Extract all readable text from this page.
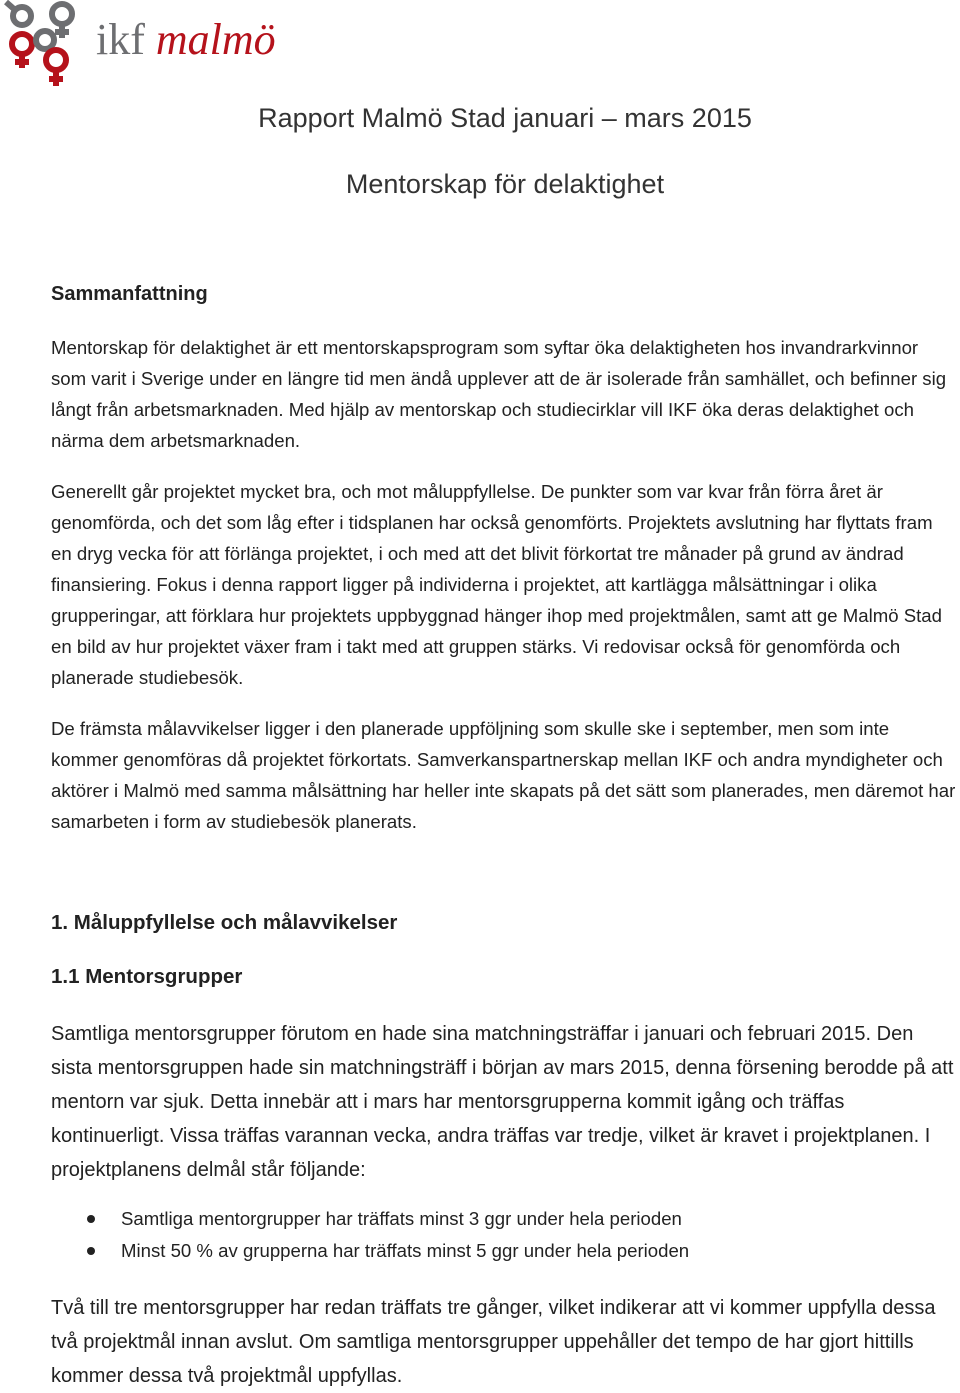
ikf malmö
Rapport Malmö Stad januari – mars 2015
Mentorskap för delaktighet
Sammanfattning

Mentorskap för delaktighet är ett mentorskapsprogram som syftar öka delaktigheten hos invandrarkvinnor som varit i Sverige under en längre tid men ändå upplever att de är isolerade från samhället, och befinner sig långt från arbetsmarknaden. Med hjälp av mentorskap och studiecirklar vill IKF öka deras delaktighet och närma dem arbetsmarknaden.

Generellt går projektet mycket bra, och mot måluppfyllelse. De punkter som var kvar från förra året är genomförda, och det som låg efter i tidsplanen har också genomförts. Projektets avslutning har flyttats fram en dryg vecka för att förlänga projektet, i och med att det blivit förkortat tre månader på grund av ändrad finansiering. Fokus i denna rapport ligger på individerna i projektet, att kartlägga målsättningar i olika grupperingar, att förklara hur projektets uppbyggnad hänger ihop med projektmålen, samt att ge Malmö Stad en bild av hur projektet växer fram i takt med att gruppen stärks. Vi redovisar också för genomförda och planerade studiebesök.

De främsta målavvikelser ligger i den planerade uppföljning som skulle ske i september, men som inte kommer genomföras då projektet förkortats. Samverkanspartnerskap mellan IKF och andra myndigheter och aktörer i Malmö med samma målsättning har heller inte skapats på det sätt som planerades, men däremot har samarbeten i form av studiebesök planerats.

1. Måluppfyllelse och målavvikelser
1.1 Mentorsgrupper

Samtliga mentorsgrupper förutom en hade sina matchningsträffar i januari och februari 2015. Den sista mentorsgruppen hade sin matchningsträff i början av mars 2015, denna försening berodde på att mentorn var sjuk. Detta innebär att i mars har mentorsgrupperna kommit igång och träffas kontinuerligt. Vissa träffas varannan vecka, andra träffas var tredje, vilket är kravet i projektplanen. I projektplanens delmål står följande:

Samtliga mentorgrupper har träffats minst 3 ggr under hela perioden
Minst 50 % av grupperna har träffats minst 5 ggr under hela perioden

Två till tre mentorsgrupper har redan träffats tre gånger, vilket indikerar att vi kommer uppfylla dessa två projektmål innan avslut. Om samtliga mentorsgrupper uppehåller det tempo de har gjort hittills kommer dessa två projektmål uppfyllas.
